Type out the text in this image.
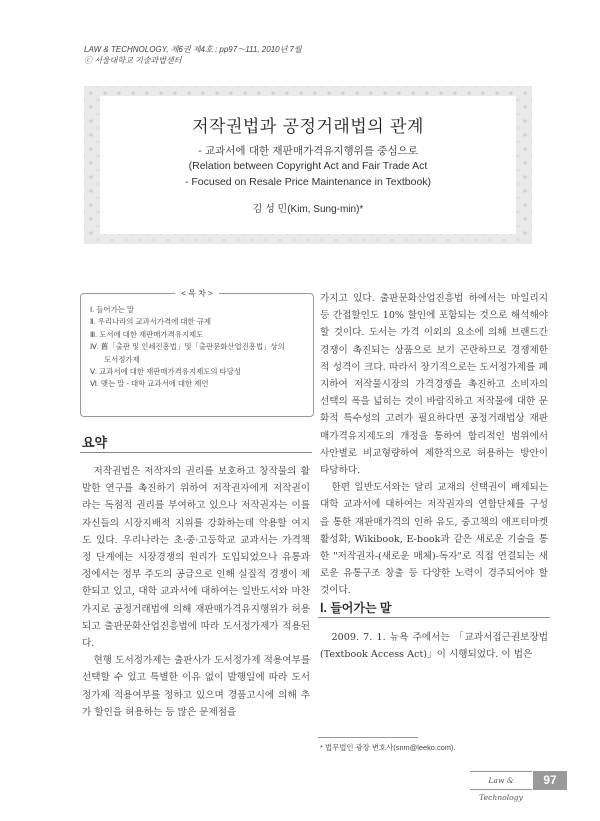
LAW & TECHNOLOGY, 제6권 제4호 : pp97～111, 2010년 7월
ⓒ 서울대학교 기술과법센터
저작권법과 공정거래법의 관계
- 교과서에 대한 재판매가격유지행위를 중심으로
(Relation between Copyright Act and Fair Trade Act
- Focused on Resale Price Maintenance in Textbook)
김 성 민(Kim, Sung-min)*
< 목 차 >
Ⅰ. 들어가는 말
Ⅱ. 우리나라의 교과서가격에 대한 규제
Ⅲ. 도서에 대한 재판매가격유지제도
Ⅳ. 舊「출판 및 인쇄진흥법」및「출판문화산업진흥법」상의
도서정가제
Ⅴ. 교과서에 대한 재판매가격유지제도의 타당성
Ⅵ. 맺는 말 - 대학 교과서에 대한 제언
요약

저작권법은 저작자의 권리를 보호하고 창작물의 활발한 연구를 촉진하기 위하여 저작권자에게 저작권이라는 독점적 권리를 부여하고 있으나 저작권자는 이를 자신들의 시장지배적 지위를 강화하는데 악용할 여지도 있다. 우리나라는 초·중·고등학교 교과서는 가격책정 단계에는 시장경쟁의 원리가 도입되었으나 유통과정에서는 정부 주도의 공급으로 인해 실질적 경쟁이 제한되고 있고, 대학 교과서에 대하여는 일반도서와 마찬가지로 공정거래법에 의해 재판매가격유지행위가 허용되고 출판문화산업진흥법에 따라 도서정가제가 적용된다.

현행 도서정가제는 출판사가 도서정가제 적용여부를 선택할 수 있고 특별한 이유 없이 발행일에 따라 도서정가제 적용여부를 정하고 있으며 경품고시에 의해 추가 할인을 허용하는 등 많은 문제점을

가지고 있다. 출판문화산업진흥법 하에서는 마일리지 등 간접할인도 10% 할인에 포함되는 것으로 해석해야 할 것이다. 도서는 가격 이외의 요소에 의해 브랜드간 경쟁이 촉진되는 상품으로 보기 곤란하므로 경쟁제한적 성격이 크다. 따라서 장기적으로는 도서정가제를 폐지하여 저작물시장의 가격경쟁을 촉진하고 소비자의 선택의 폭을 넓히는 것이 바람직하고 저작물에 대한 문화적 특수성의 고려가 필요하다면 공정거래법상 재판매가격유지제도의 개정을 통하여 합리적인 범위에서 사안별로 비교형량하여 제한적으로 허용하는 방안이 타당하다.

한편 일반도서와는 달리 교재의 선택권이 배제되는 대학 교과서에 대하여는 저작권자의 연합단체를 구성을 통한 재판매가격의 인하 유도, 중고책의 애프터마켓 활성화, Wikibook, E-book과 같은 새로운 기술을 통한 "저작권자-(새로운 매체)-독자"로 직접 연결되는 새로운 유통구조 창출 등 다양한 노력이 경주되어야 할 것이다.

Ⅰ. 들어가는 말

2009. 7. 1. 뉴욕 주에서는 「교과서접근권보장법(Textbook Access Act)」이 시행되었다. 이 법은

* 법무법인 광장 변호사(snm@leeko.com).
Law & Technology
97
